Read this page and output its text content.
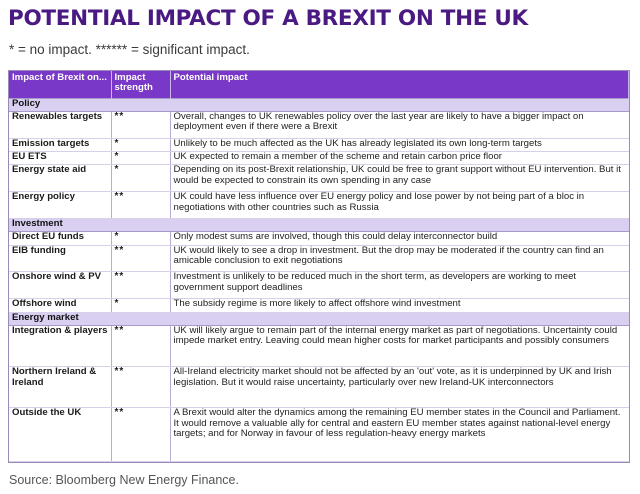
POTENTIAL IMPACT OF A BREXIT ON THE UK
* = no impact. ****** = significant impact.
Impact of Brexit on...	Impact strength	Potential impact
Policy		
Renewables targets	**	Overall, changes to UK renewables policy over the last year are likely to have a bigger impact on deployment even if there were a Brexit
Emission targets	*	Unlikely to be much affected as the UK has already legislated its own long-term targets
EU ETS	*	UK expected to remain a member of the scheme and retain carbon price floor
Energy state aid	*	Depending on its post-Brexit relationship, UK could be free to grant support without EU intervention. But it would be expected to constrain its own spending in any case
Energy policy	**	UK could have less influence over EU energy policy and lose power by not being part of a bloc in negotiations with other countries such as Russia
Investment		
Direct EU funds	*	Only modest sums are involved, though this could delay interconnector build
EIB funding	**	UK would likely to see a drop in investment. But the drop may be moderated if the country can find an amicable conclusion to exit negotiations
Onshore wind & PV	**	Investment is unlikely to be reduced much in the short term, as developers are working to meet government support deadlines
Offshore wind	*	The subsidy regime is more likely to affect offshore wind investment
Energy market		
Integration & players	**	UK will likely argue to remain part of the internal energy market as part of negotiations. Uncertainty could impede market entry. Leaving could mean higher costs for market participants and possibly consumers
Northern Ireland & Ireland	**	All-Ireland electricity market should not be affected by an 'out' vote, as it is underpinned by UK and Irish legislation. But it would raise uncertainty, particularly over new Ireland-UK interconnectors
Outside the UK	**	A Brexit would alter the dynamics among the remaining EU member states in the Council and Parliament. It would remove a valuable ally for central and eastern EU member states against national-level energy targets; and for Norway in favour of less regulation-heavy energy markets
Source: Bloomberg New Energy Finance.
